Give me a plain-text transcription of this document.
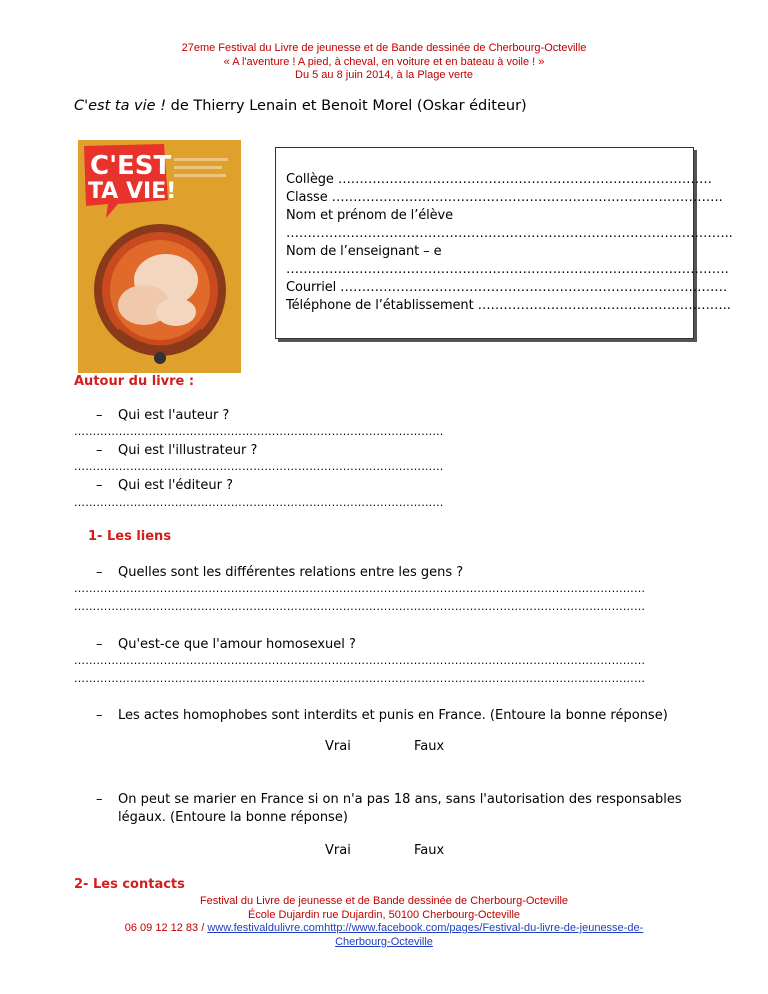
27eme Festival du Livre de jeunesse et de Bande dessinée de Cherbourg-Octeville
« A l'aventure ! A pied, à cheval, en voiture et en bateau à voile ! »
Du 5 au 8 juin 2014, à la Plage verte
C'est ta vie ! de Thierry Lenain et Benoit Morel (Oskar éditeur)
C'EST
TA VIE!	Collège ……………………………………………………………………………
Classe ……………………………………………………………………………….
Nom et prénom de l’élève
…………………………………………………………………………………………..
Nom de l’enseignant – e
………………………………………………………………………………………….
Courriel ………………………………………………………………………………
Téléphone de l’établissement …………………………………………………..
Autour du livre :
– Qui est l'auteur ?
………………………………………………………………………………………
– Qui est l'illustrateur ?
………………………………………………………………………………………
– Qui est l'éditeur ?
………………………………………………………………………………………
1- Les liens
– Quelles sont les différentes relations entre les gens ?
………………………………………………………………………………………………………………………………………
………………………………………………………………………………………………………………………………………
– Qu'est-ce que l'amour homosexuel ?
………………………………………………………………………………………………………………………………………
………………………………………………………………………………………………………………………………………
– Les actes homophobes sont interdits et punis en France. (Entoure la bonne réponse)
Vrai	Faux
–	On peut se marier en France si on n'a pas 18 ans, sans l'autorisation des responsables légaux. (Entoure la bonne réponse)
Vrai	Faux
2- Les contacts
Festival du Livre de jeunesse et de Bande dessinée de Cherbourg-Octeville
École Dujardin rue Dujardin, 50100 Cherbourg-Octeville
06 09 12 12 83 / www.festivaldulivre.comhttp://www.facebook.com/pages/Festival-du-livre-de-jeunesse-de-
Cherbourg-Octeville
